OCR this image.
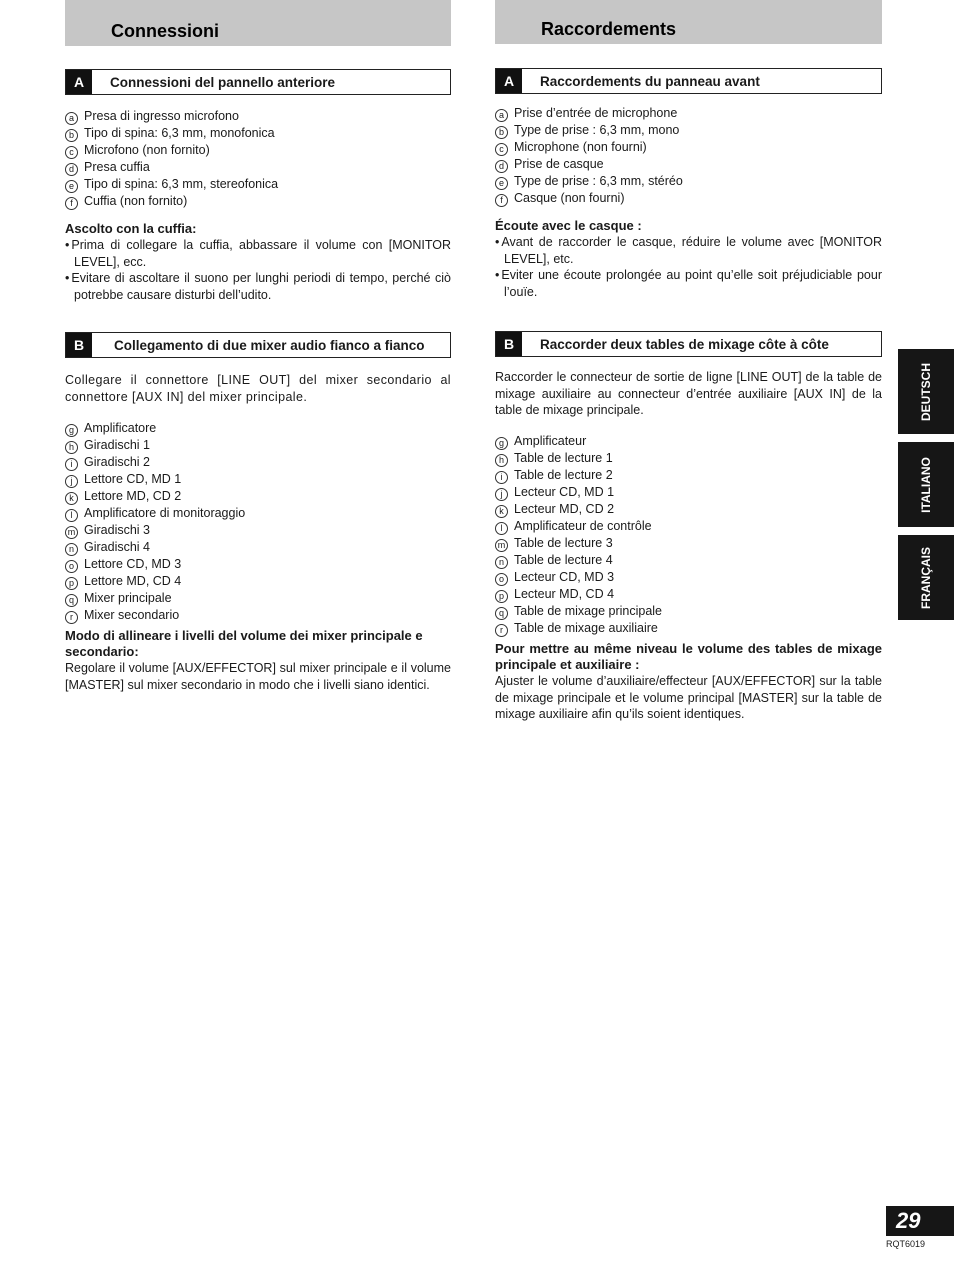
Connessioni
A	Connessioni del pannello anteriore
a Presa di ingresso microfono
b Tipo di spina: 6,3 mm, monofonica
c Microfono (non fornito)
d Presa cuffia
e Tipo di spina: 6,3 mm, stereofonica
f Cuffia (non fornito)
Ascolto con la cuffia:
• Prima di collegare la cuffia, abbassare il volume con [MONITOR LEVEL], ecc.
• Evitare di ascoltare il suono per lunghi periodi di tempo, perché ciò potrebbe causare disturbi dell’udito.
B	Collegamento di due mixer audio fianco a fianco

Collegare il connettore [LINE OUT] del mixer secondario al connettore [AUX IN] del mixer principale.

g Amplificatore
h Giradischi 1
i Giradischi 2
j Lettore CD, MD 1
k Lettore MD, CD 2
l Amplificatore di monitoraggio
m Giradischi 3
n Giradischi 4
o Lettore CD, MD 3
p Lettore MD, CD 4
q Mixer principale
r Mixer secondario
Modo di allineare i livelli del volume dei mixer principale e secondario:

Regolare il volume [AUX/EFFECTOR] sul mixer principale e il volume [MASTER] sul mixer secondario in modo che i livelli siano identici.

Raccordements
A	Raccordements du panneau avant
a Prise d’entrée de microphone
b Type de prise : 6,3 mm, mono
c Microphone (non fourni)
d Prise de casque
e Type de prise : 6,3 mm, stéréo
f Casque (non fourni)
Écoute avec le casque :
• Avant de raccorder le casque, réduire le volume avec [MONITOR LEVEL], etc.
• Eviter une écoute prolongée au point qu’elle soit préjudiciable pour l’ouïe.
B	Raccorder deux tables de mixage côte à côte

Raccorder le connecteur de sortie de ligne [LINE OUT] de la table de mixage auxiliaire au connecteur d’entrée auxiliaire [AUX IN] de la table de mixage principale.

g Amplificateur
h Table de lecture 1
i Table de lecture 2
j Lecteur CD, MD 1
k Lecteur MD, CD 2
l Amplificateur de contrôle
m Table de lecture 3
n Table de lecture 4
o Lecteur CD, MD 3
p Lecteur MD, CD 4
q Table de mixage principale
r Table de mixage auxiliaire
Pour mettre au même niveau le volume des tables de mixage principale et auxiliaire :

Ajuster le volume d’auxiliaire/effecteur [AUX/EFFECTOR] sur la table de mixage principale et le volume principal [MASTER] sur la table de mixage auxiliaire afin qu’ils soient identiques.

DEUTSCH
ITALIANO
FRANÇAIS
29
RQT6019
